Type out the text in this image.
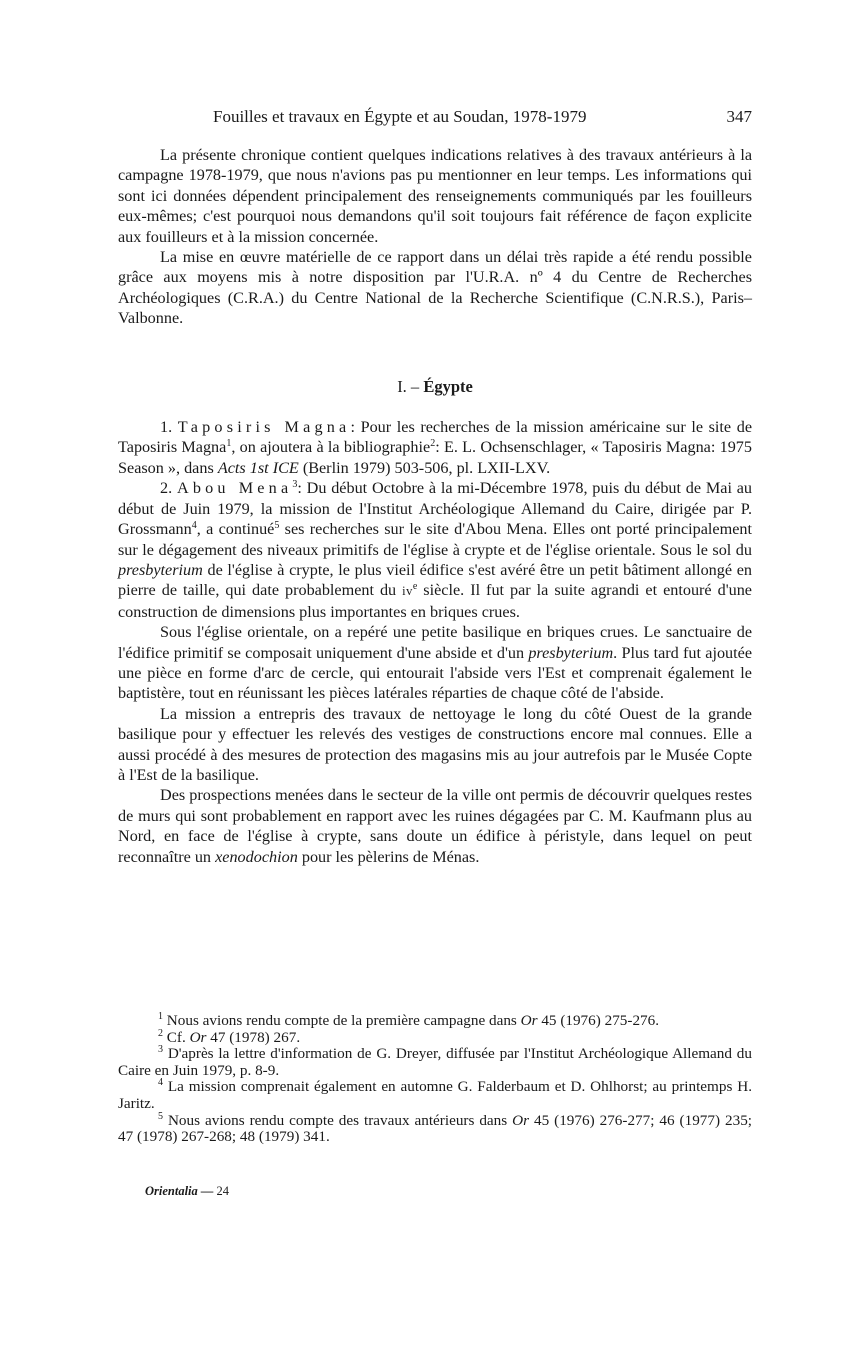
Fouilles et travaux en Égypte et au Soudan, 1978-1979	347

La présente chronique contient quelques indications relatives à des travaux antérieurs à la campagne 1978-1979, que nous n'avions pas pu mentionner en leur temps. Les informations qui sont ici données dépendent principalement des renseignements communiqués par les fouilleurs eux-mêmes; c'est pourquoi nous demandons qu'il soit toujours fait référence de façon explicite aux fouilleurs et à la mission concernée.

La mise en œuvre matérielle de ce rapport dans un délai très rapide a été rendu possible grâce aux moyens mis à notre disposition par l'U.R.A. nº 4 du Centre de Recherches Archéologiques (C.R.A.) du Centre National de la Recherche Scientifique (C.N.R.S.), Paris–Valbonne.

I. – Égypte

1. Taposiris Magna: Pour les recherches de la mission américaine sur le site de Taposiris Magna$^1$, on ajoutera à la bibliographie$^2$: E. L. Ochsenschlager, « Taposiris Magna: 1975 Season », dans Acts 1st ICE (Berlin 1979) 503-506, pl. LXII-LXV.

2. Abou Mena$^3$: Du début Octobre à la mi-Décembre 1978, puis du début de Mai au début de Juin 1979, la mission de l'Institut Archéologique Allemand du Caire, dirigée par P. Grossmann$^4$, a continué$^5$ ses recherches sur le site d'Abou Mena. Elles ont porté principalement sur le dégagement des niveaux primitifs de l'église à crypte et de l'église orientale. Sous le sol du presbyterium de l'église à crypte, le plus vieil édifice s'est avéré être un petit bâtiment allongé en pierre de taille, qui date probablement du $iv^e$ siècle. Il fut par la suite agrandi et entouré d'une construction de dimensions plus importantes en briques crues.

Sous l'église orientale, on a repéré une petite basilique en briques crues. Le sanctuaire de l'édifice primitif se composait uniquement d'une abside et d'un presbyterium. Plus tard fut ajoutée une pièce en forme d'arc de cercle, qui entourait l'abside vers l'Est et comprenait également le baptistère, tout en réunissant les pièces latérales réparties de chaque côté de l'abside.

La mission a entrepris des travaux de nettoyage le long du côté Ouest de la grande basilique pour y effectuer les relevés des vestiges de constructions encore mal connues. Elle a aussi procédé à des mesures de protection des magasins mis au jour autrefois par le Musée Copte à l'Est de la basilique.

Des prospections menées dans le secteur de la ville ont permis de découvrir quelques restes de murs qui sont probablement en rapport avec les ruines dégagées par C. M. Kaufmann plus au Nord, en face de l'église à crypte, sans doute un édifice à péristyle, dans lequel on peut reconnaître un xenodochion pour les pèlerins de Ménas.

$^1$ Nous avions rendu compte de la première campagne dans Or 45 (1976) 275-276.

$^2$ Cf. Or 47 (1978) 267.

$^3$ D'après la lettre d'information de G. Dreyer, diffusée par l'Institut Archéologique Allemand du Caire en Juin 1979, p. 8-9.

$^4$ La mission comprenait également en automne G. Falderbaum et D. Ohlhorst; au printemps H. Jaritz.

$^5$ Nous avions rendu compte des travaux antérieurs dans Or 45 (1976) 276-277; 46 (1977) 235; 47 (1978) 267-268; 48 (1979) 341.

Orientalia — 24
